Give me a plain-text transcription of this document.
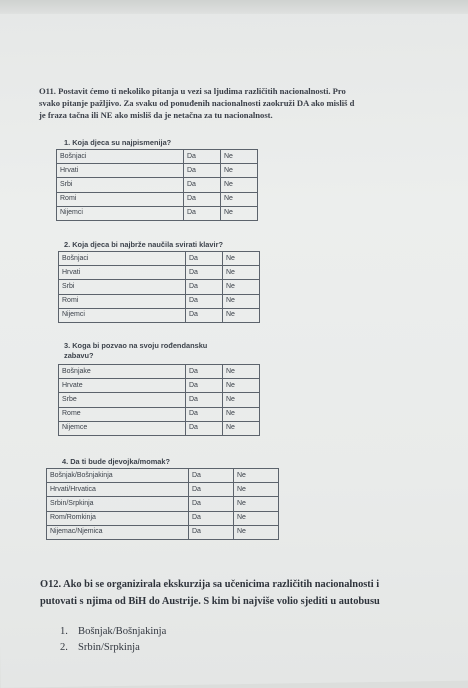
O11. Postavit ćemo ti nekoliko pitanja u vezi sa ljudima različitih nacionalnosti. Pro
svako pitanje pažljivo. Za svaku od ponuđenih nacionalnosti zaokruži DA ako misliš d
je fraza tačna ili NE ako misliš da je netačna za tu nacionalnost.
1. Koja djeca su najpismenija?
Bošnjaci	Da	Ne
Hrvati	Da	Ne
Srbi	Da	Ne
Romi	Da	Ne
Nijemci	Da	Ne
2. Koja djeca bi najbrže naučila svirati klavir?
Bošnjaci	Da	Ne
Hrvati	Da	Ne
Srbi	Da	Ne
Romi	Da	Ne
Nijemci	Da	Ne
3. Koga bi pozvao na svoju rođendansku
zabavu?
Bošnjake	Da	Ne
Hrvate	Da	Ne
Srbe	Da	Ne
Rome	Da	Ne
Nijemce	Da	Ne
4. Da ti bude djevojka/momak?
Bošnjak/Bošnjakinja	Da	Ne
Hrvati/Hrvatica	Da	Ne
Srbin/Srpkinja	Da	Ne
Rom/Romkinja	Da	Ne
Nijemac/Njemica	Da	Ne
O12. Ako bi se organizirala ekskurzija sa učenicima različitih nacionalnosti i
putovati s njima od BiH do Austrije. S kim bi najviše volio sjediti u autobusu
1. Bošnjak/Bošnjakinja
2. Srbin/Srpkinja
